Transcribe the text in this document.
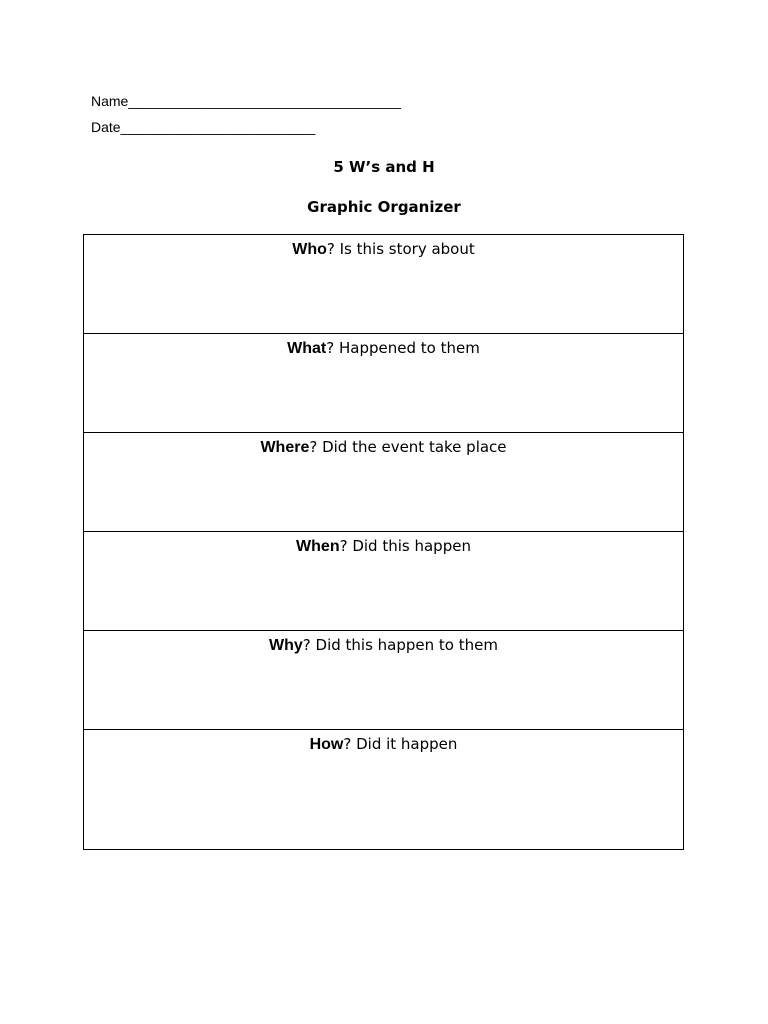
Name___________________________________
Date_________________________
5 W’s and H
Graphic Organizer
Who? Is this story about
What? Happened to them
Where? Did the event take place
When? Did this happen
Why? Did this happen to them
How? Did it happen
